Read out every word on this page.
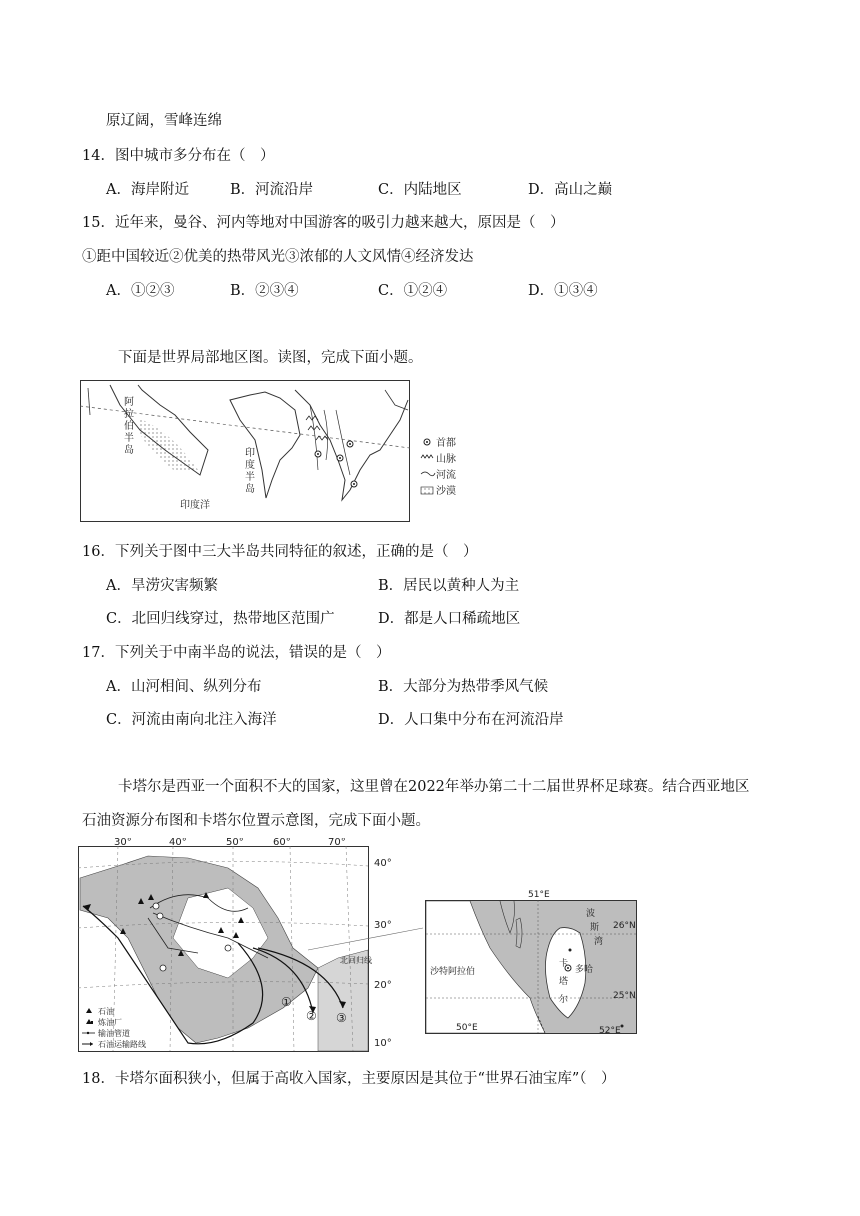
原辽阔，雪峰连绵
14．图中城市多分布在（　）
A．海岸附近	B．河流沿岸	C．内陆地区	D．高山之巅
15．近年来，曼谷、河内等地对中国游客的吸引力越来越大，原因是（　）
①距中国较近②优美的热带风光③浓郁的人文风情④经济发达
A．①②③	B．②③④	C．①②④	D．①③④
下面是世界局部地区图。读图，完成下面小题。
阿
拉
伯
半
岛	印
度
半
岛
印度洋
首都
山脉
河流
沙漠
16．下列关于图中三大半岛共同特征的叙述，正确的是（　）
A．旱涝灾害频繁	B．居民以黄种人为主
C．北回归线穿过，热带地区范围广	D．都是人口稀疏地区
17．下列关于中南半岛的说法，错误的是（　）
A．山河相间、纵列分布	B．大部分为热带季风气候
C．河流由南向北注入海洋	D．人口集中分布在河流沿岸
卡塔尔是西亚一个面积不大的国家，这里曾在2022年举办第二十二届世界杯足球赛。结合西亚地区
石油资源分布图和卡塔尔位置示意图，完成下面小题。
30°	40°	50°	60°	70°
40°
30°
20°
10°
北回归线
①
② ③
石油
炼油厂
输油管道
石油运输路线
51°E
26°N
25°N
50°E	52°E
波
斯
湾
卡
塔
尔
沙特阿拉伯	多哈
18．卡塔尔面积狭小，但属于高收入国家，主要原因是其位于“世界石油宝库”（　）
